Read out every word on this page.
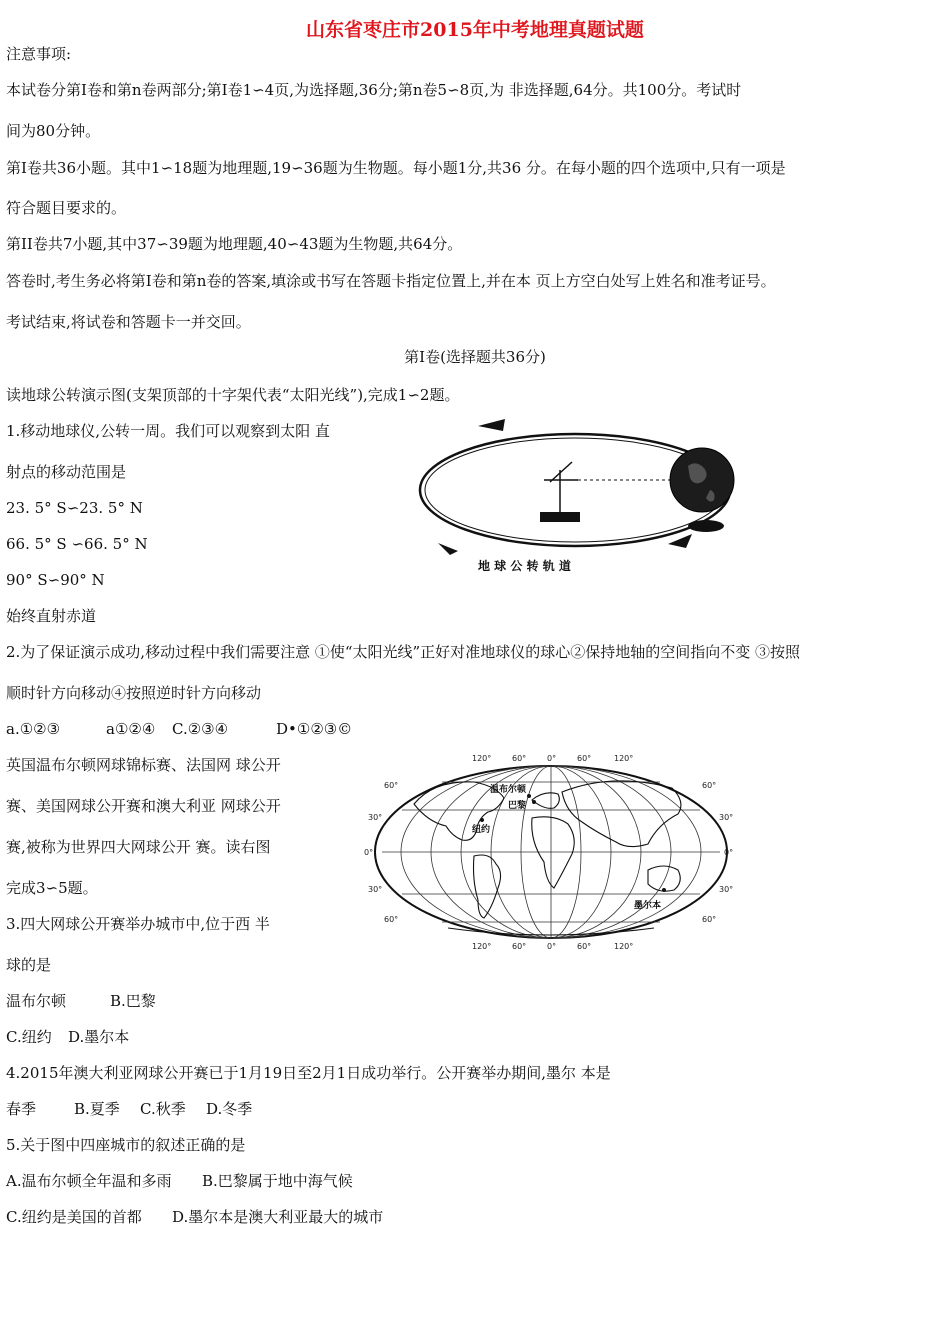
山东省枣庄市2015年中考地理真题试题
注意事项:
本试卷分第I卷和第n卷两部分;第I卷1∽4页,为选择题,36分;第n卷5∽8页,为 非选择题,64分。共100分。考试时
间为80分钟。
第I卷共36小题。其中1∽18题为地理题,19∽36题为生物题。每小题1分,共36 分。在每小题的四个选项中,只有一项是
符合题目要求的。
第II卷共7小题,其中37∽39题为地理题,40∽43题为生物题,共64分。
答卷时,考生务必将第I卷和第n卷的答案,填涂或书写在答题卡指定位置上,并在本 页上方空白处写上姓名和准考证号。
考试结束,将试卷和答题卡一并交回。
第I卷(选择题共36分)
读地球公转演示图(支架顶部的十字架代表“太阳光线”),完成1∽2题。
1.移动地球仪,公转一周。我们可以观察到太阳 直
射点的移动范围是
23. 5° S∽23. 5° N
66. 5° S ∽66. 5° N
90° S∽90° N
始终直射赤道
地 球 公 转 轨 道
2.为了保证演示成功,移动过程中我们需要注意 ①使“太阳光线”正好对准地球仪的球心②保持地轴的空间指向不变 ③按照
顺时针方向移动④按照逆时针方向移动
a.①②③	a①②④ C.②③④	D•①②③©
英国温布尔顿网球锦标赛、法国网 球公开
赛、美国网球公开赛和澳大利亚 网球公开
赛,被称为世界四大网球公开 赛。读右图
完成3∽5题。
温布尔顿
巴黎
纽约
墨尔本
120°	60°	0°	60°	120°
120°	60°	0°	60°	120°
60°
30°
0°
30°
60°
60°
30°
0°
30°
60°
3.四大网球公开赛举办城市中,位于西 半
球的是
温布尔顿	B.巴黎
C.纽约 D.墨尔本
4.2015年澳大利亚网球公开赛已于1月19日至2月1日成功举行。公开赛举办期间,墨尔 本是
春季	B.夏季 C.秋季 D.冬季
5.关于图中四座城市的叙述正确的是
A.温布尔顿全年温和多雨 B.巴黎属于地中海气候
C.纽约是美国的首都 D.墨尔本是澳大利亚最大的城市
